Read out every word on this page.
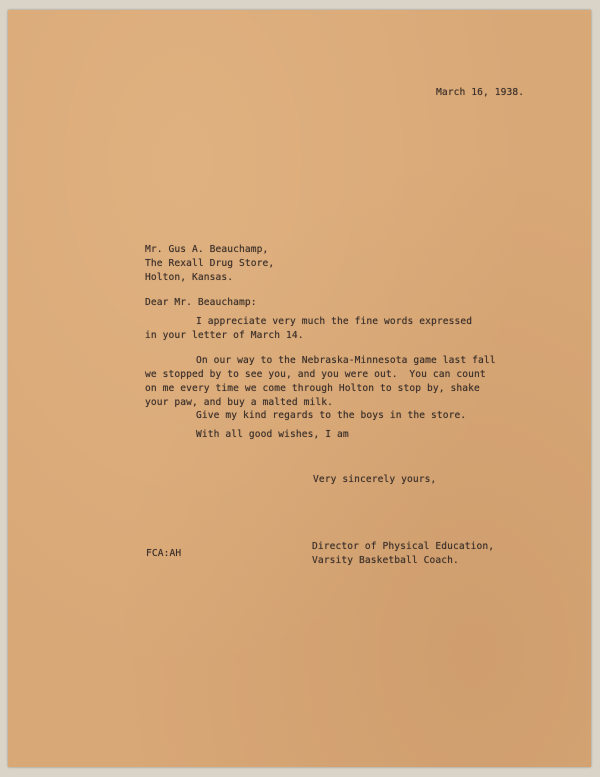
March 16, 1938.
Mr. Gus A. Beauchamp,
The Rexall Drug Store,
Holton, Kansas.
Dear Mr. Beauchamp:
I appreciate very much the fine words expressed
in your letter of March 14.
On our way to the Nebraska-Minnesota game last fall
we stopped by to see you, and you were out.  You can count
on me every time we come through Holton to stop by, shake
your paw, and buy a malted milk.
Give my kind regards to the boys in the store.
With all good wishes, I am
Very sincerely yours,
FCA:AH
Director of Physical Education,
Varsity Basketball Coach.
